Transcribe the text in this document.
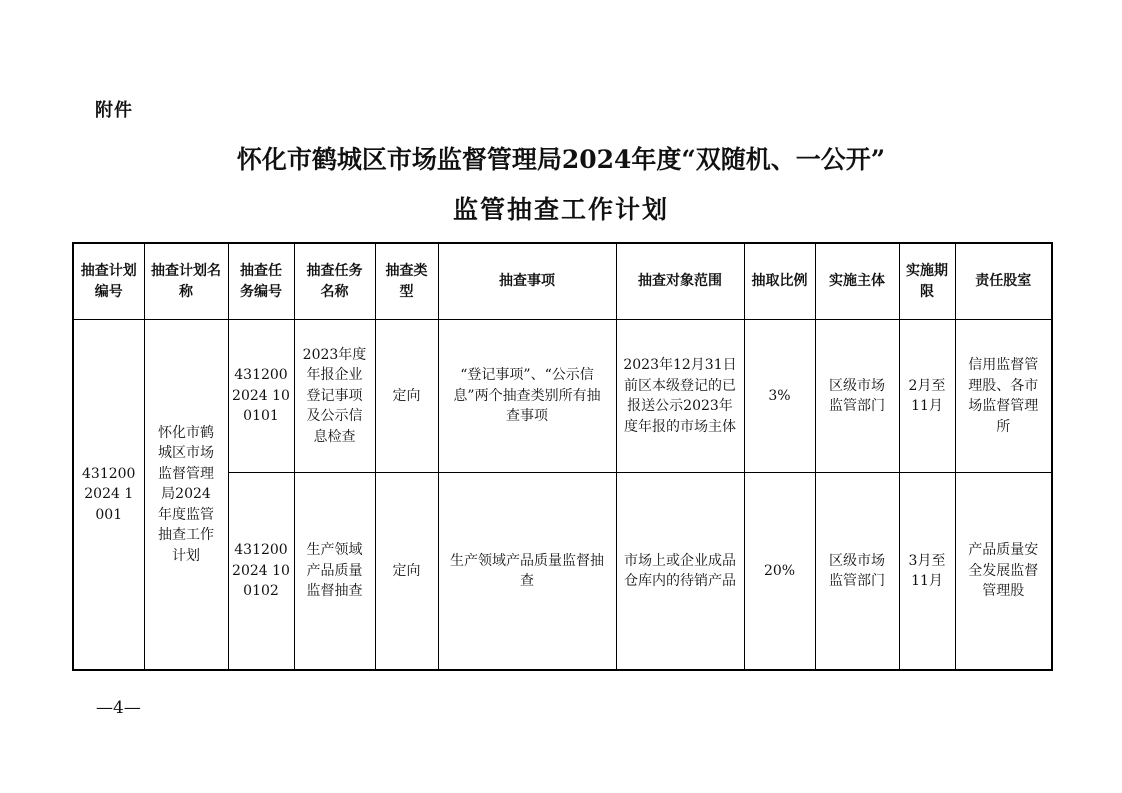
附件
怀化市鹤城区市场监督管理局2024年度“双随机、一公开”
监管抽查工作计划
抽查计划编号	抽查计划名称	抽查任务编号	抽查任务名称	抽查类型	抽查事项	抽查对象范围	抽取比例	实施主体	实施期限	责任股室
4312002024 1001	怀化市鹤城区市场监督管理局2024年度监管抽查工作计划	431200 2024 100101	2023年度年报企业登记事项及公示信息检查	定向	“登记事项”、“公示信息”两个抽查类别所有抽查事项	2023年12月31日前区本级登记的已报送公示2023年度年报的市场主体	3%	区级市场监管部门	2月至11月	信用监督管理股、各市场监督管理所
		431200 2024 100102	生产领域产品质量监督抽查	定向	生产领域产品质量监督抽查	市场上或企业成品仓库内的待销产品	20%	区级市场监管部门	3月至11月	产品质量安全发展监督管理股
—4—
